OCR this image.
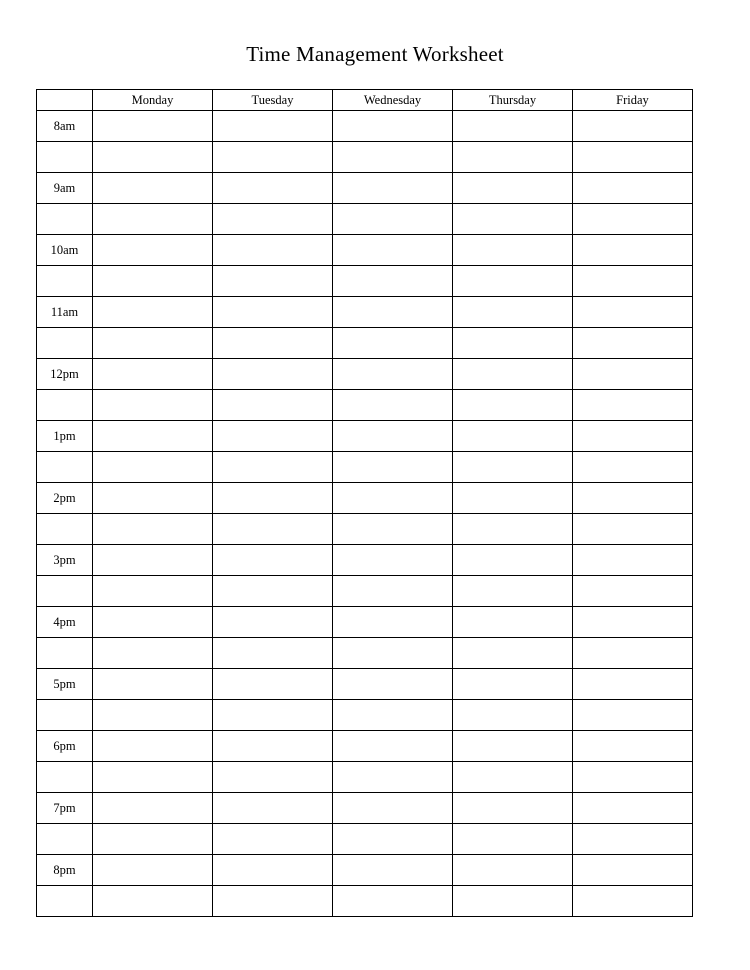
Time Management Worksheet
	Monday	Tuesday	Wednesday	Thursday	Friday
8am					

9am					

10am					

11am					

12pm					

1pm					

2pm					

3pm					

4pm					

5pm					

6pm					

7pm					

8pm					
